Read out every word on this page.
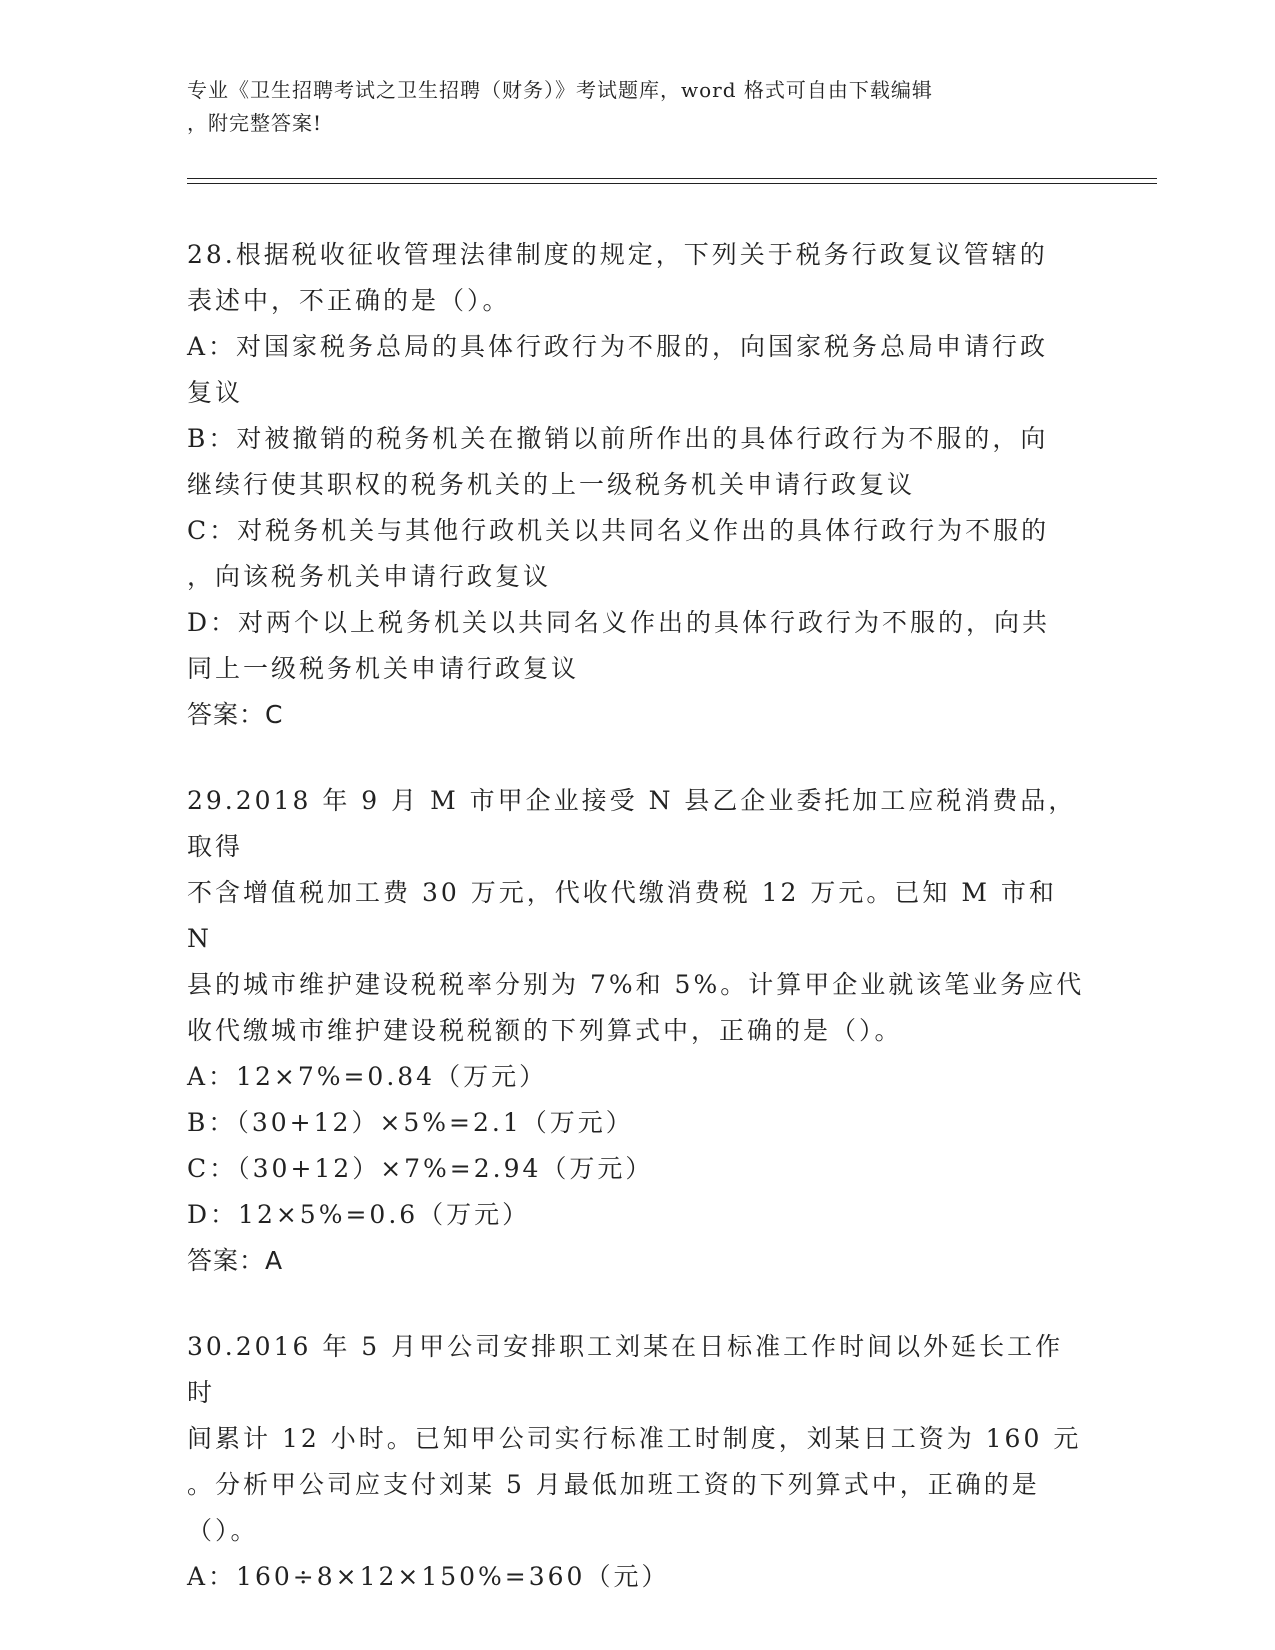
专业《卫生招聘考试之卫生招聘（财务）》考试题库，word 格式可自由下载编辑
，附完整答案!

28.根据税收征收管理法律制度的规定，下列关于税务行政复议管辖的

表述中，不正确的是（）。

A：对国家税务总局的具体行政行为不服的，向国家税务总局申请行政

复议

B：对被撤销的税务机关在撤销以前所作出的具体行政行为不服的，向

继续行使其职权的税务机关的上一级税务机关申请行政复议

C：对税务机关与其他行政机关以共同名义作出的具体行政行为不服的

，向该税务机关申请行政复议

D：对两个以上税务机关以共同名义作出的具体行政行为不服的，向共

同上一级税务机关申请行政复议

答案：C

29.2018 年 9 月 M 市甲企业接受 N 县乙企业委托加工应税消费品，取得

不含增值税加工费 30 万元，代收代缴消费税 12 万元。已知 M 市和 N

县的城市维护建设税税率分别为 7%和 5%。计算甲企业就该笔业务应代

收代缴城市维护建设税税额的下列算式中，正确的是（）。

A：12×7%=0.84（万元）

B：（30+12）×5%=2.1（万元）

C：（30+12）×7%=2.94（万元）

D：12×5%=0.6（万元）

答案：A

30.2016 年 5 月甲公司安排职工刘某在日标准工作时间以外延长工作时

间累计 12 小时。已知甲公司实行标准工时制度，刘某日工资为 160 元

。分析甲公司应支付刘某 5 月最低加班工资的下列算式中，正确的是

（）。

A：160÷8×12×150%=360（元）
